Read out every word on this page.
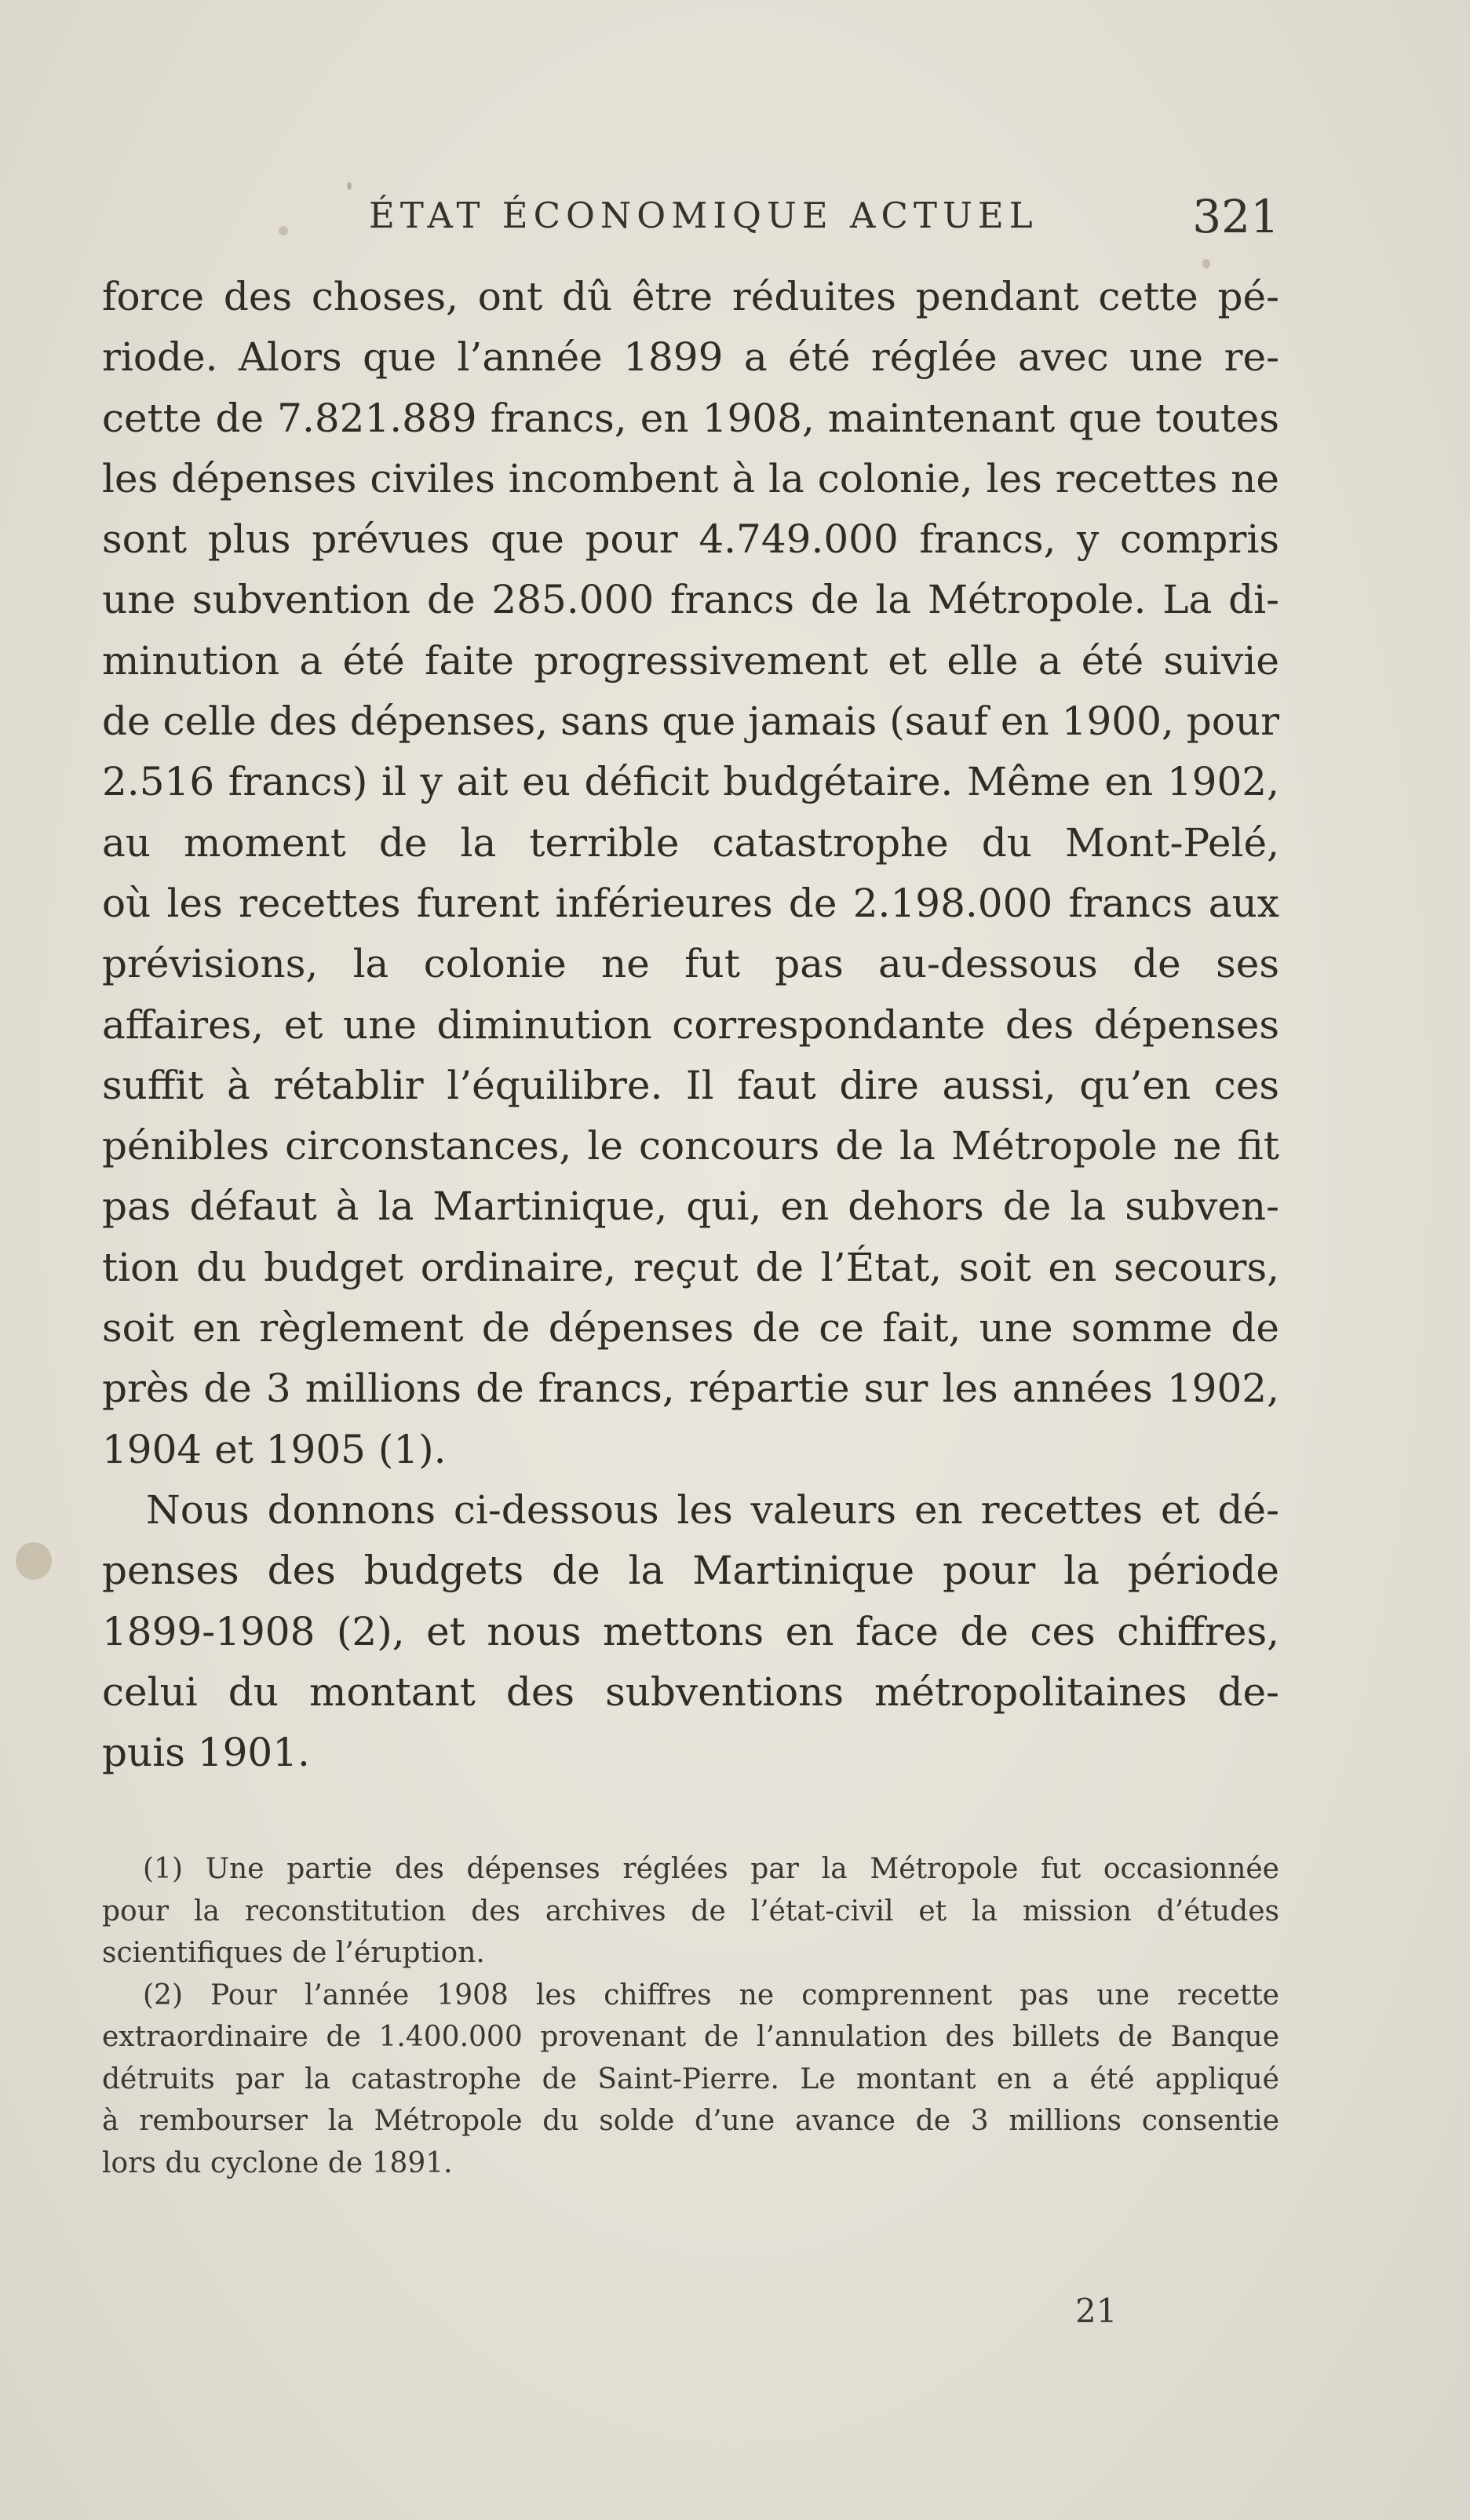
ÉTAT ÉCONOMIQUE ACTUEL	321
force des choses, ont dû être réduites pendant cette pé-
riode. Alors que l’année 1899 a été réglée avec une re-
cette de 7.821.889 francs, en 1908, maintenant que toutes
les dépenses civiles incombent à la colonie, les recettes ne
sont plus prévues que pour 4.749.000 francs, y compris
une subvention de 285.000 francs de la Métropole. La di-
minution a été faite progressivement et elle a été suivie
de celle des dépenses, sans que jamais (sauf en 1900, pour
2.516 francs) il y ait eu déficit budgétaire. Même en 1902,
au moment de la terrible catastrophe du Mont-Pelé,
où les recettes furent inférieures de 2.198.000 francs aux
prévisions, la colonie ne fut pas au-dessous de ses
affaires, et une diminution correspondante des dépenses
suffit à rétablir l’équilibre. Il faut dire aussi, qu’en ces
pénibles circonstances, le concours de la Métropole ne fit
pas défaut à la Martinique, qui, en dehors de la subven-
tion du budget ordinaire, reçut de l’État, soit en secours,
soit en règlement de dépenses de ce fait, une somme de
près de 3 millions de francs, répartie sur les années 1902,
1904 et 1905 (1).
Nous donnons ci-dessous les valeurs en recettes et dé-
penses des budgets de la Martinique pour la période
1899-1908 (2), et nous mettons en face de ces chiffres,
celui du montant des subventions métropolitaines de-
puis 1901.
(1) Une partie des dépenses réglées par la Métropole fut occasionnée
pour la reconstitution des archives de l’état-civil et la mission d’études
scientifiques de l’éruption.
(2) Pour l’année 1908 les chiffres ne comprennent pas une recette
extraordinaire de 1.400.000 provenant de l’annulation des billets de Banque
détruits par la catastrophe de Saint-Pierre. Le montant en a été appliqué
à rembourser la Métropole du solde d’une avance de 3 millions consentie
lors du cyclone de 1891.
21
